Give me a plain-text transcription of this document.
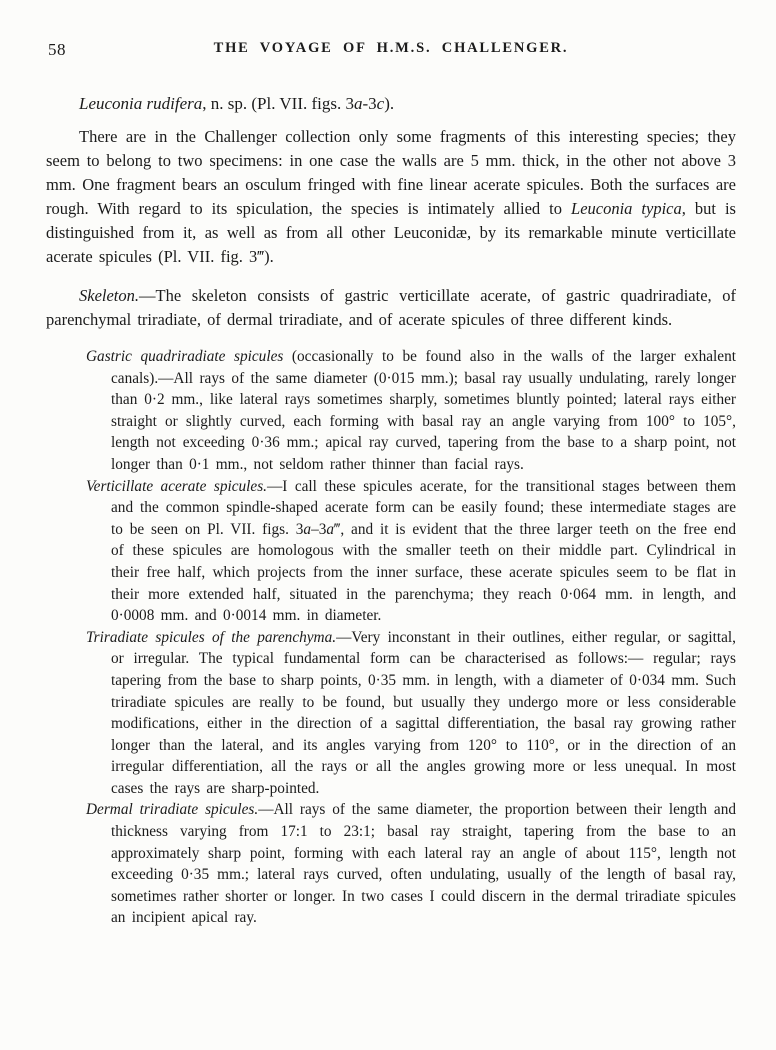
58	THE VOYAGE OF H.M.S. CHALLENGER.

Leuconia rudifera, n. sp. (Pl. VII. figs. 3a-3c).

There are in the Challenger collection only some fragments of this interesting species; they seem to belong to two specimens: in one case the walls are 5 mm. thick, in the other not above 3 mm. One fragment bears an osculum fringed with fine linear acerate spicules. Both the surfaces are rough. With regard to its spiculation, the species is intimately allied to Leuconia typica, but is distinguished from it, as well as from all other Leuconidæ, by its remarkable minute verticillate acerate spicules (Pl. VII. fig. 3‴).

Skeleton.—The skeleton consists of gastric verticillate acerate, of gastric quadriradiate, of parenchymal triradiate, of dermal triradiate, and of acerate spicules of three different kinds.

Gastric quadriradiate spicules (occasionally to be found also in the walls of the larger exhalent canals).—All rays of the same diameter (0·015 mm.); basal ray usually undulating, rarely longer than 0·2 mm., like lateral rays sometimes sharply, sometimes bluntly pointed; lateral rays either straight or slightly curved, each forming with basal ray an angle varying from 100° to 105°, length not exceeding 0·36 mm.; apical ray curved, tapering from the base to a sharp point, not longer than 0·1 mm., not seldom rather thinner than facial rays.

Verticillate acerate spicules.—I call these spicules acerate, for the transitional stages between them and the common spindle-shaped acerate form can be easily found; these intermediate stages are to be seen on Pl. VII. figs. 3a–3a‴, and it is evident that the three larger teeth on the free end of these spicules are homologous with the smaller teeth on their middle part. Cylindrical in their free half, which projects from the inner surface, these acerate spicules seem to be flat in their more extended half, situated in the parenchyma; they reach 0·064 mm. in length, and 0·0008 mm. and 0·0014 mm. in diameter.

Triradiate spicules of the parenchyma.—Very inconstant in their outlines, either regular, or sagittal, or irregular. The typical fundamental form can be characterised as follows:— regular; rays tapering from the base to sharp points, 0·35 mm. in length, with a diameter of 0·034 mm. Such triradiate spicules are really to be found, but usually they undergo more or less considerable modifications, either in the direction of a sagittal differentiation, the basal ray growing rather longer than the lateral, and its angles varying from 120° to 110°, or in the direction of an irregular differentiation, all the rays or all the angles growing more or less unequal. In most cases the rays are sharp-pointed.

Dermal triradiate spicules.—All rays of the same diameter, the proportion between their length and thickness varying from 17:1 to 23:1; basal ray straight, tapering from the base to an approximately sharp point, forming with each lateral ray an angle of about 115°, length not exceeding 0·35 mm.; lateral rays curved, often undulating, usually of the length of basal ray, sometimes rather shorter or longer. In two cases I could discern in the dermal triradiate spicules an incipient apical ray.
